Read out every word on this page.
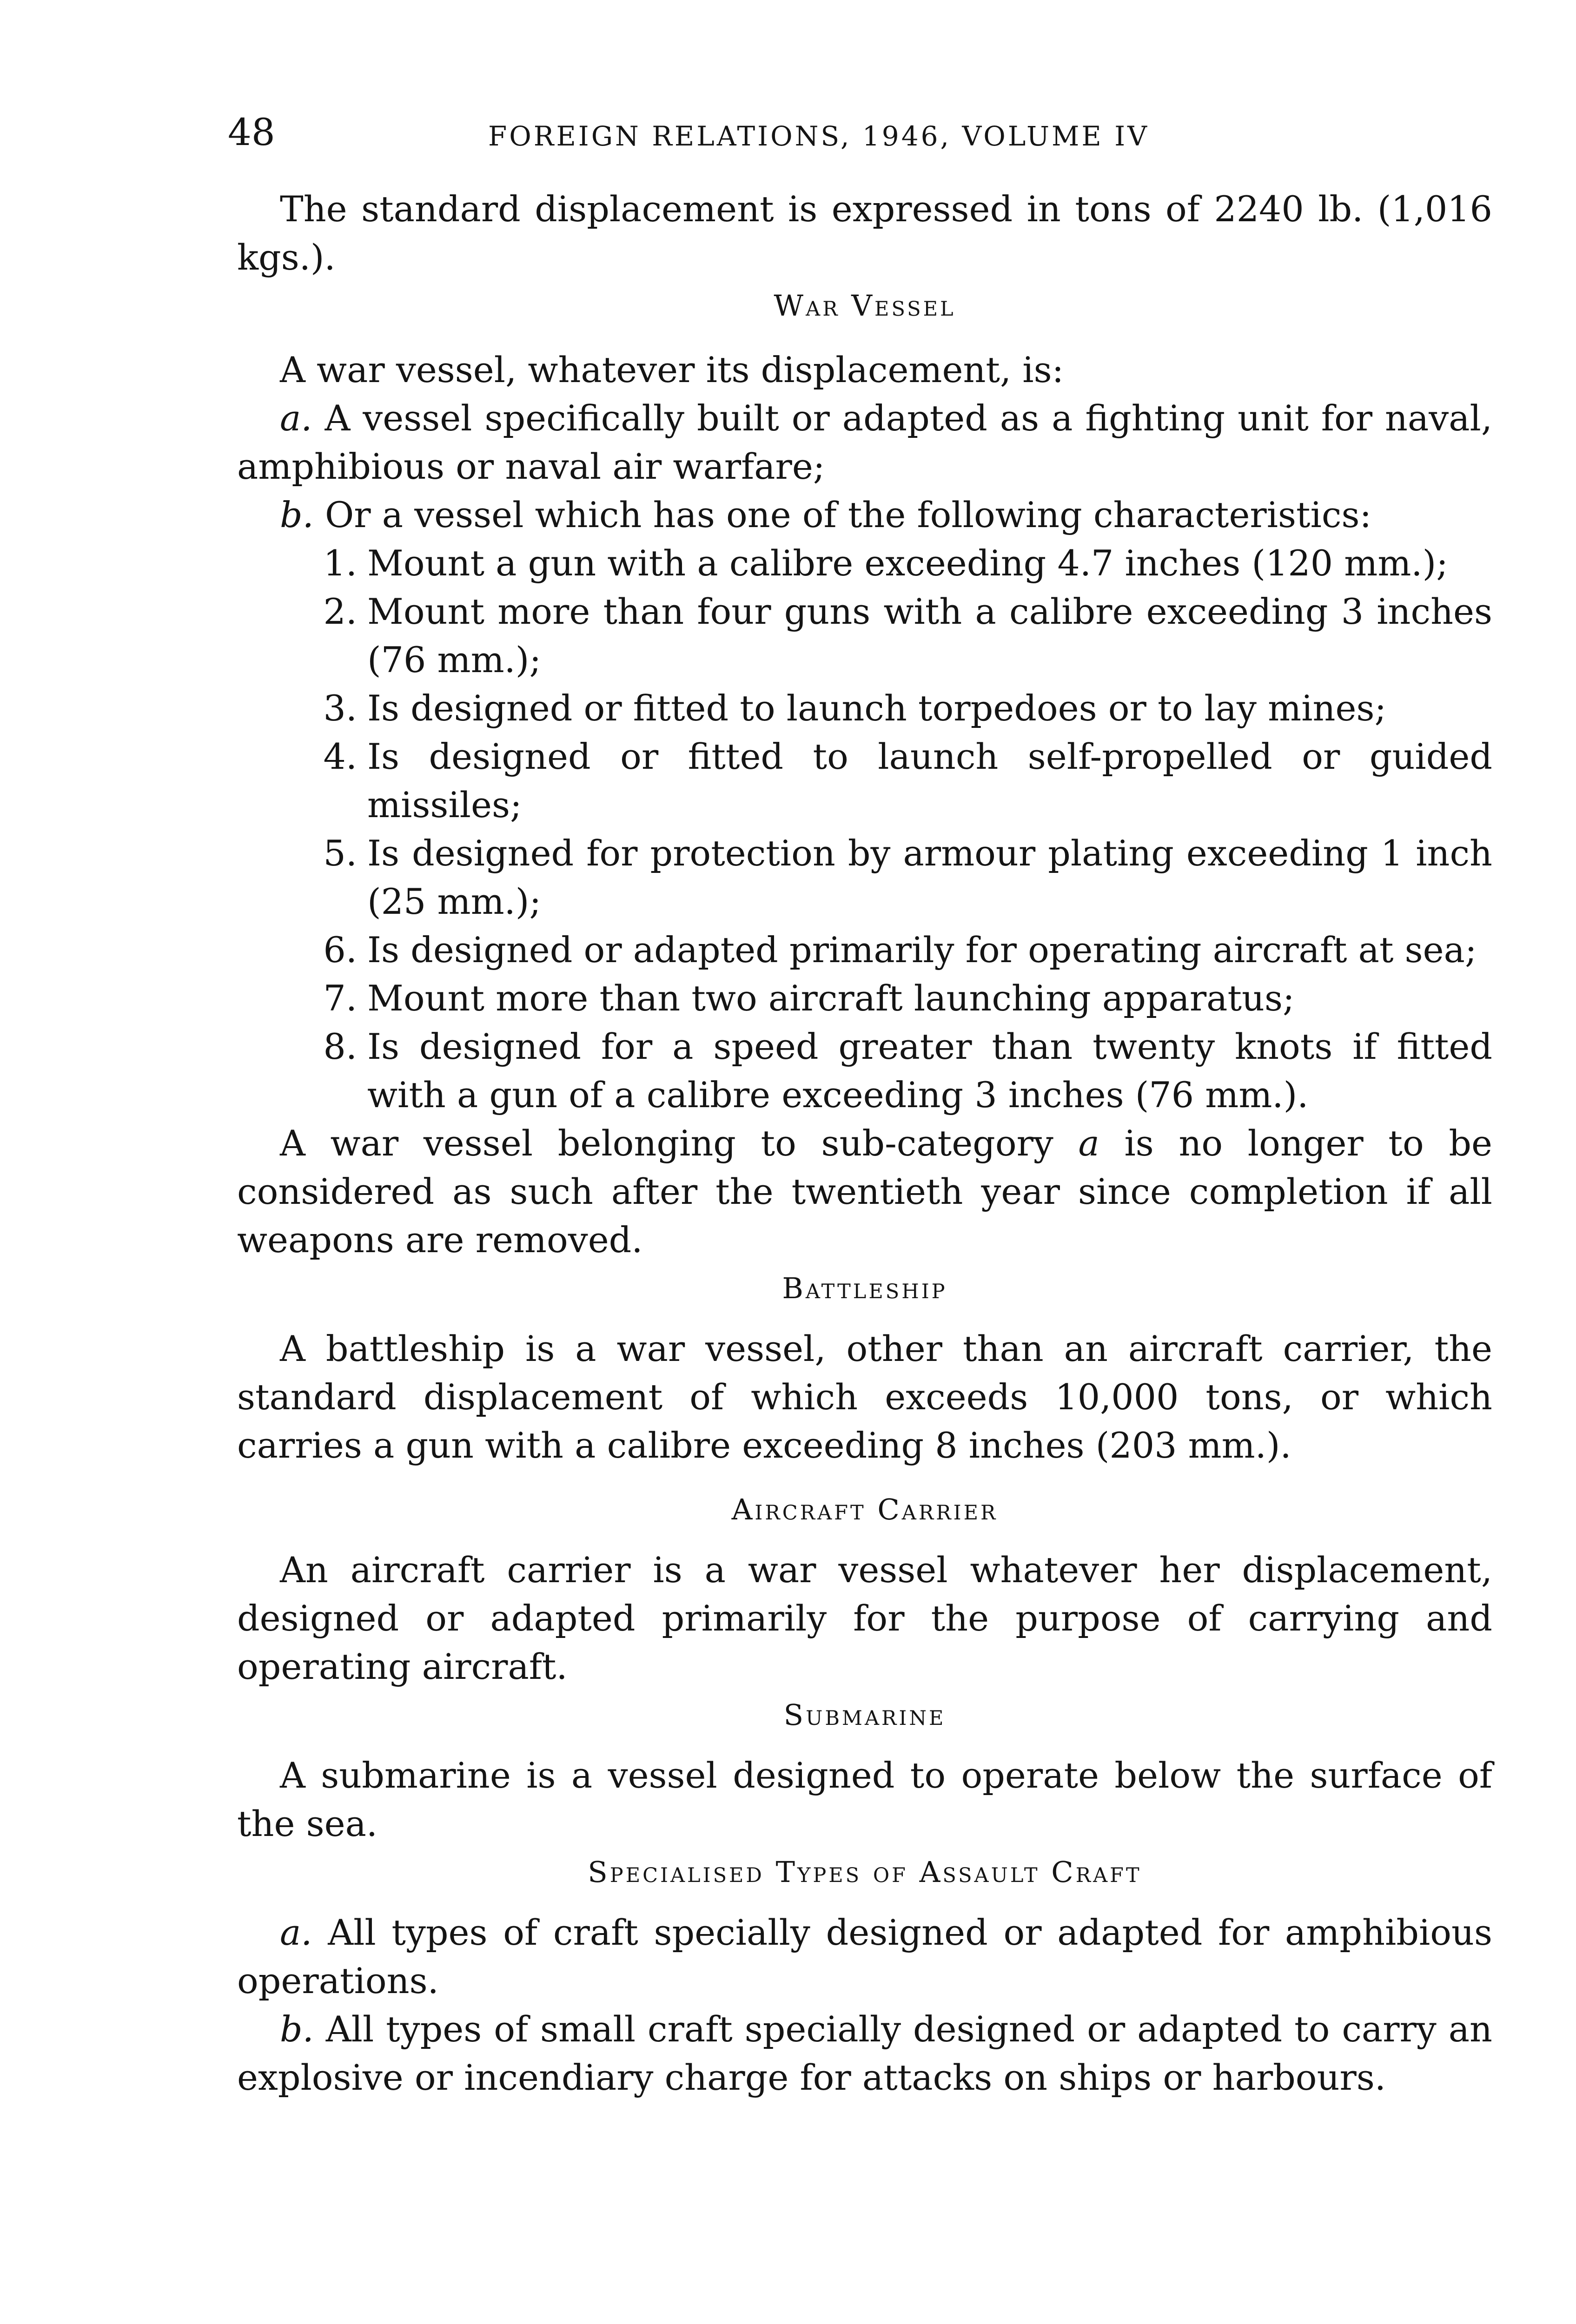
48	FOREIGN RELATIONS, 1946, VOLUME IV

The standard displacement is expressed in tons of 2240 lb. (1,016 kgs.).

War Vessel

A war vessel, whatever its displacement, is:

a. A vessel specifically built or adapted as a fighting unit for naval, amphibious or naval air warfare;

b. Or a vessel which has one of the following characteristics:

1. Mount a gun with a calibre exceeding 4.7 inches (120 mm.);
2. Mount more than four guns with a calibre exceeding 3 inches (76 mm.);
3. Is designed or fitted to launch torpedoes or to lay mines;
4. Is designed or fitted to launch self-propelled or guided missiles;
5. Is designed for protection by armour plating exceeding 1 inch (25 mm.);
6. Is designed or adapted primarily for operating aircraft at sea;
7. Mount more than two aircraft launching apparatus;
8. Is designed for a speed greater than twenty knots if fitted with a gun of a calibre exceeding 3 inches (76 mm.).

A war vessel belonging to sub-category a is no longer to be considered as such after the twentieth year since completion if all weapons are removed.

Battleship

A battleship is a war vessel, other than an aircraft carrier, the standard displacement of which exceeds 10,000 tons, or which carries a gun with a calibre exceeding 8 inches (203 mm.).

Aircraft Carrier

An aircraft carrier is a war vessel whatever her displacement, designed or adapted primarily for the purpose of carrying and operating aircraft.

Submarine

A submarine is a vessel designed to operate below the surface of the sea.

Specialised Types of Assault Craft

a. All types of craft specially designed or adapted for amphibious operations.

b. All types of small craft specially designed or adapted to carry an explosive or incendiary charge for attacks on ships or harbours.
